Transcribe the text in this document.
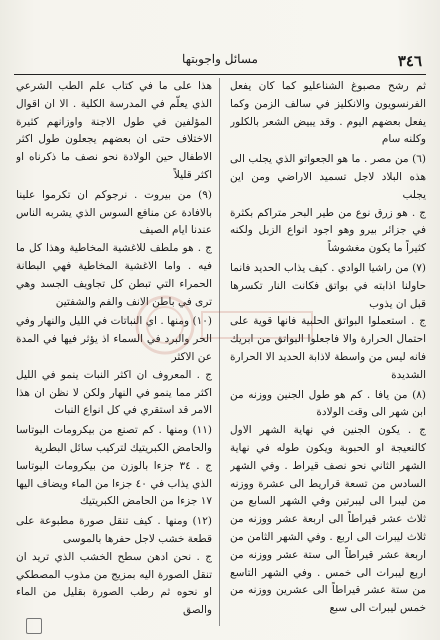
٣٤٦
مسائل واجوبتها

ثم رشح مصبوغ الشناعليو كما كان يفعل الفرنسويون والانكليز في سالف الزمن وكما يفعل بعضهم اليوم . وقد يبيض الشعر بالكلور وكلنه سام

(٦) من مصر . ما هو الجعواتو الذي يجلب الى هذه البلاد لاجل تسميد الاراضي ومن اين يجلب

ج . هو زرق نوع من طير البحر متراكم بكثرة في جزائر بيرو وهو اجود انواع الزبل ولكنه كثيراً ما يكون مغشوشاً

(٧) من راشيا الوادي . كيف يذاب الحديد فانما حاولنا اذابته في بواتق فكانت النار تكسرها قبل ان يذوب

ج . استعملوا البواتق الحلبية فانها قوية على احتمال الحرارة والا فاجعلوا البواتق من ابريك فانه ليس من واسطة لاذابة الحديد الا الحرارة الشديدة

(٨) من يافا . كم هو طول الجنين ووزنه من ابن شهر الى وقت الولادة

ج . يكون الجنين في نهاية الشهر الاول كالنعيجة او الحبوبة ويكون طوله في نهاية الشهر الثاني نحو نصف قيراط . وفي الشهر السادس من تسعة قراريط الى عشرة ووزنه من ليبرا الى ليبرتين وفي الشهر السابع من ثلاث عشر قيراطاً الى اربعة عشر ووزنه من ثلاث ليبرات الى اربع . وفي الشهر الثامن من اربعة عشر قيراطاً الى ستة عشر ووزنه من اربع ليبرات الى خمس . وفي الشهر التاسع من ستة عشر قيراطاً الى عشرين ووزنه من خمس ليبرات الى سبع

هذا على ما في كتاب علم الطب الشرعي الذي يعلّم في المدرسة الكلية . الا ان اقوال المؤلفين في طول الاجنة واوزانهم كثيرة الاختلاف حتى ان بعضهم يجعلون طول اكثر الاطفال حين الولادة نحو نصف ما ذكرناه او اكثر قليلاً

(٩) من بيروت . نرجوكم ان تكرموا علينا بالافادة عن منافع السوس الذي يشربه الناس عندنا ايام الصيف

ج . هو ملطف للاغشية المخاطية وهذا كل ما فيه . واما الاغشية المخاطية فهي البطانة الحمراء التي تبطن كل تجاويف الجسد وهي ترى في باطن الانف والفم والشفتين

(١٠) ومنها . اي النباتات في الليل والنهار وفي الحر والبرد في السماء اذ يؤثر فيها في المدة عن الاكثر

ج . المعروف ان اكثر النبات ينمو في الليل اكثر مما ينمو في النهار ولكن لا نظن ان هذا الامر قد استقري في كل انواع النبات

(١١) ومنها . كم تصنع من بيكرومات البوتاسا والحامض الكبريتيك لتركيب سائل البطرية

ج . ٣٤ جزءا بالوزن من بيكرومات البوتاسا الذي يذاب في ٤٠ جزءا من الماء ويضاف اليها ١٧ جزءا من الحامض الكبريتيك

(١٢) ومنها . كيف تنقل صورة مطبوعة على قطعة خشب لاجل حفرها بالموسى

ج . نحن ادهن سطح الخشب الذي تريد ان تنقل الصورة اليه بمزيج من مذوب المصطكي او نحوه ثم رطب الصورة بقليل من الماء والصق
